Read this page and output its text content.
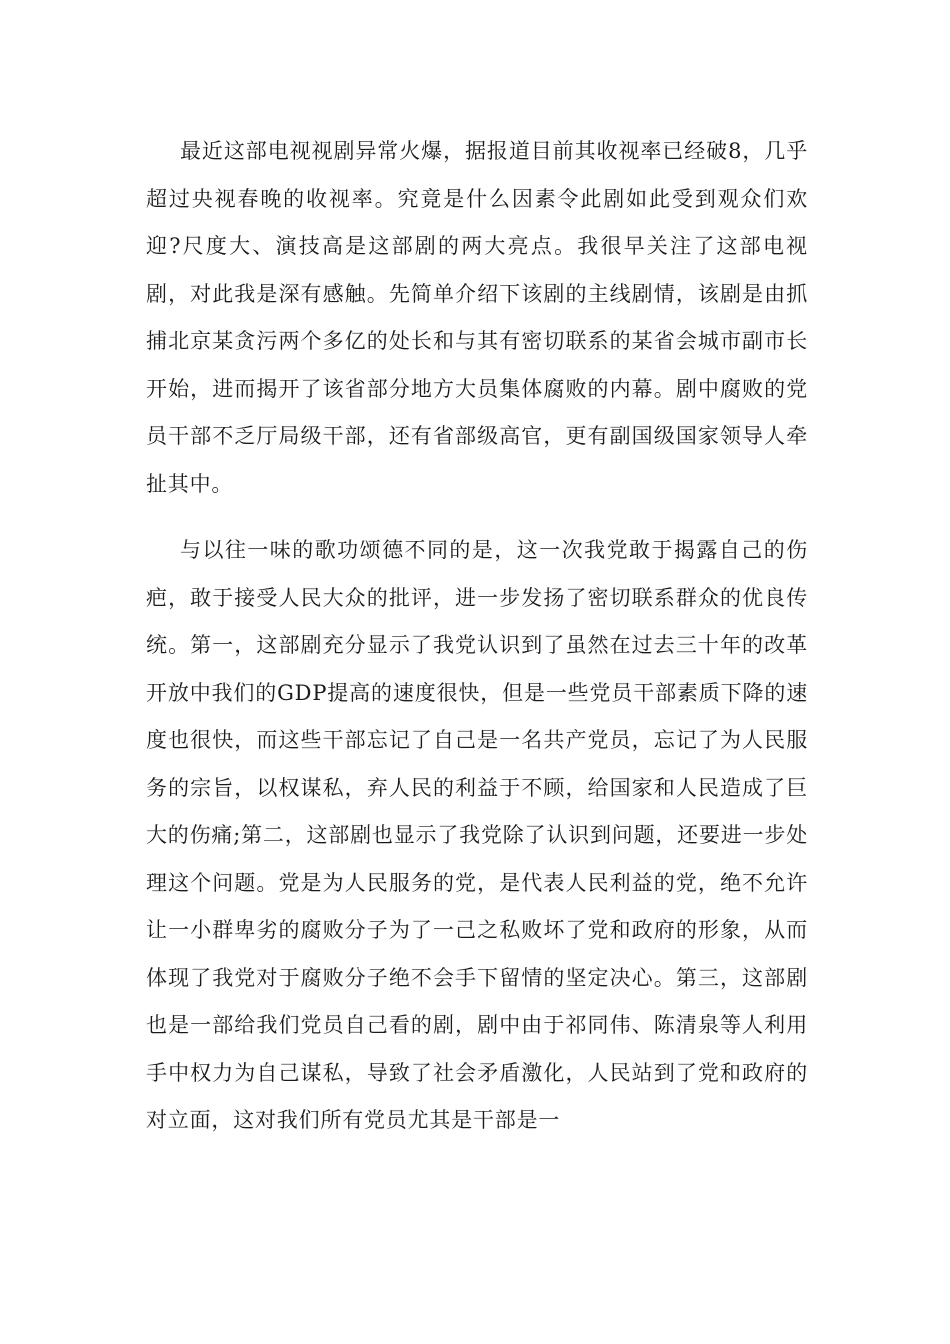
最近这部电视视剧异常火爆，据报道目前其收视率已经破8，几乎超过央视春晚的收视率。究竟是什么因素令此剧如此受到观众们欢迎?尺度大、演技高是这部剧的两大亮点。我很早关注了这部电视剧，对此我是深有感触。先简单介绍下该剧的主线剧情，该剧是由抓捕北京某贪污两个多亿的处长和与其有密切联系的某省会城市副市长开始，进而揭开了该省部分地方大员集体腐败的内幕。剧中腐败的党员干部不乏厅局级干部，还有省部级高官，更有副国级国家领导人牵扯其中。

与以往一味的歌功颂德不同的是，这一次我党敢于揭露自己的伤疤，敢于接受人民大众的批评，进一步发扬了密切联系群众的优良传统。第一，这部剧充分显示了我党认识到了虽然在过去三十年的改革开放中我们的GDP提高的速度很快，但是一些党员干部素质下降的速度也很快，而这些干部忘记了自己是一名共产党员，忘记了为人民服务的宗旨，以权谋私，弃人民的利益于不顾，给国家和人民造成了巨大的伤痛;第二，这部剧也显示了我党除了认识到问题，还要进一步处理这个问题。党是为人民服务的党，是代表人民利益的党，绝不允许让一小群卑劣的腐败分子为了一己之私败坏了党和政府的形象，从而体现了我党对于腐败分子绝不会手下留情的坚定决心。第三，这部剧也是一部给我们党员自己看的剧，剧中由于祁同伟、陈清泉等人利用手中权力为自己谋私，导致了社会矛盾激化，人民站到了党和政府的对立面，这对我们所有党员尤其是干部是一
